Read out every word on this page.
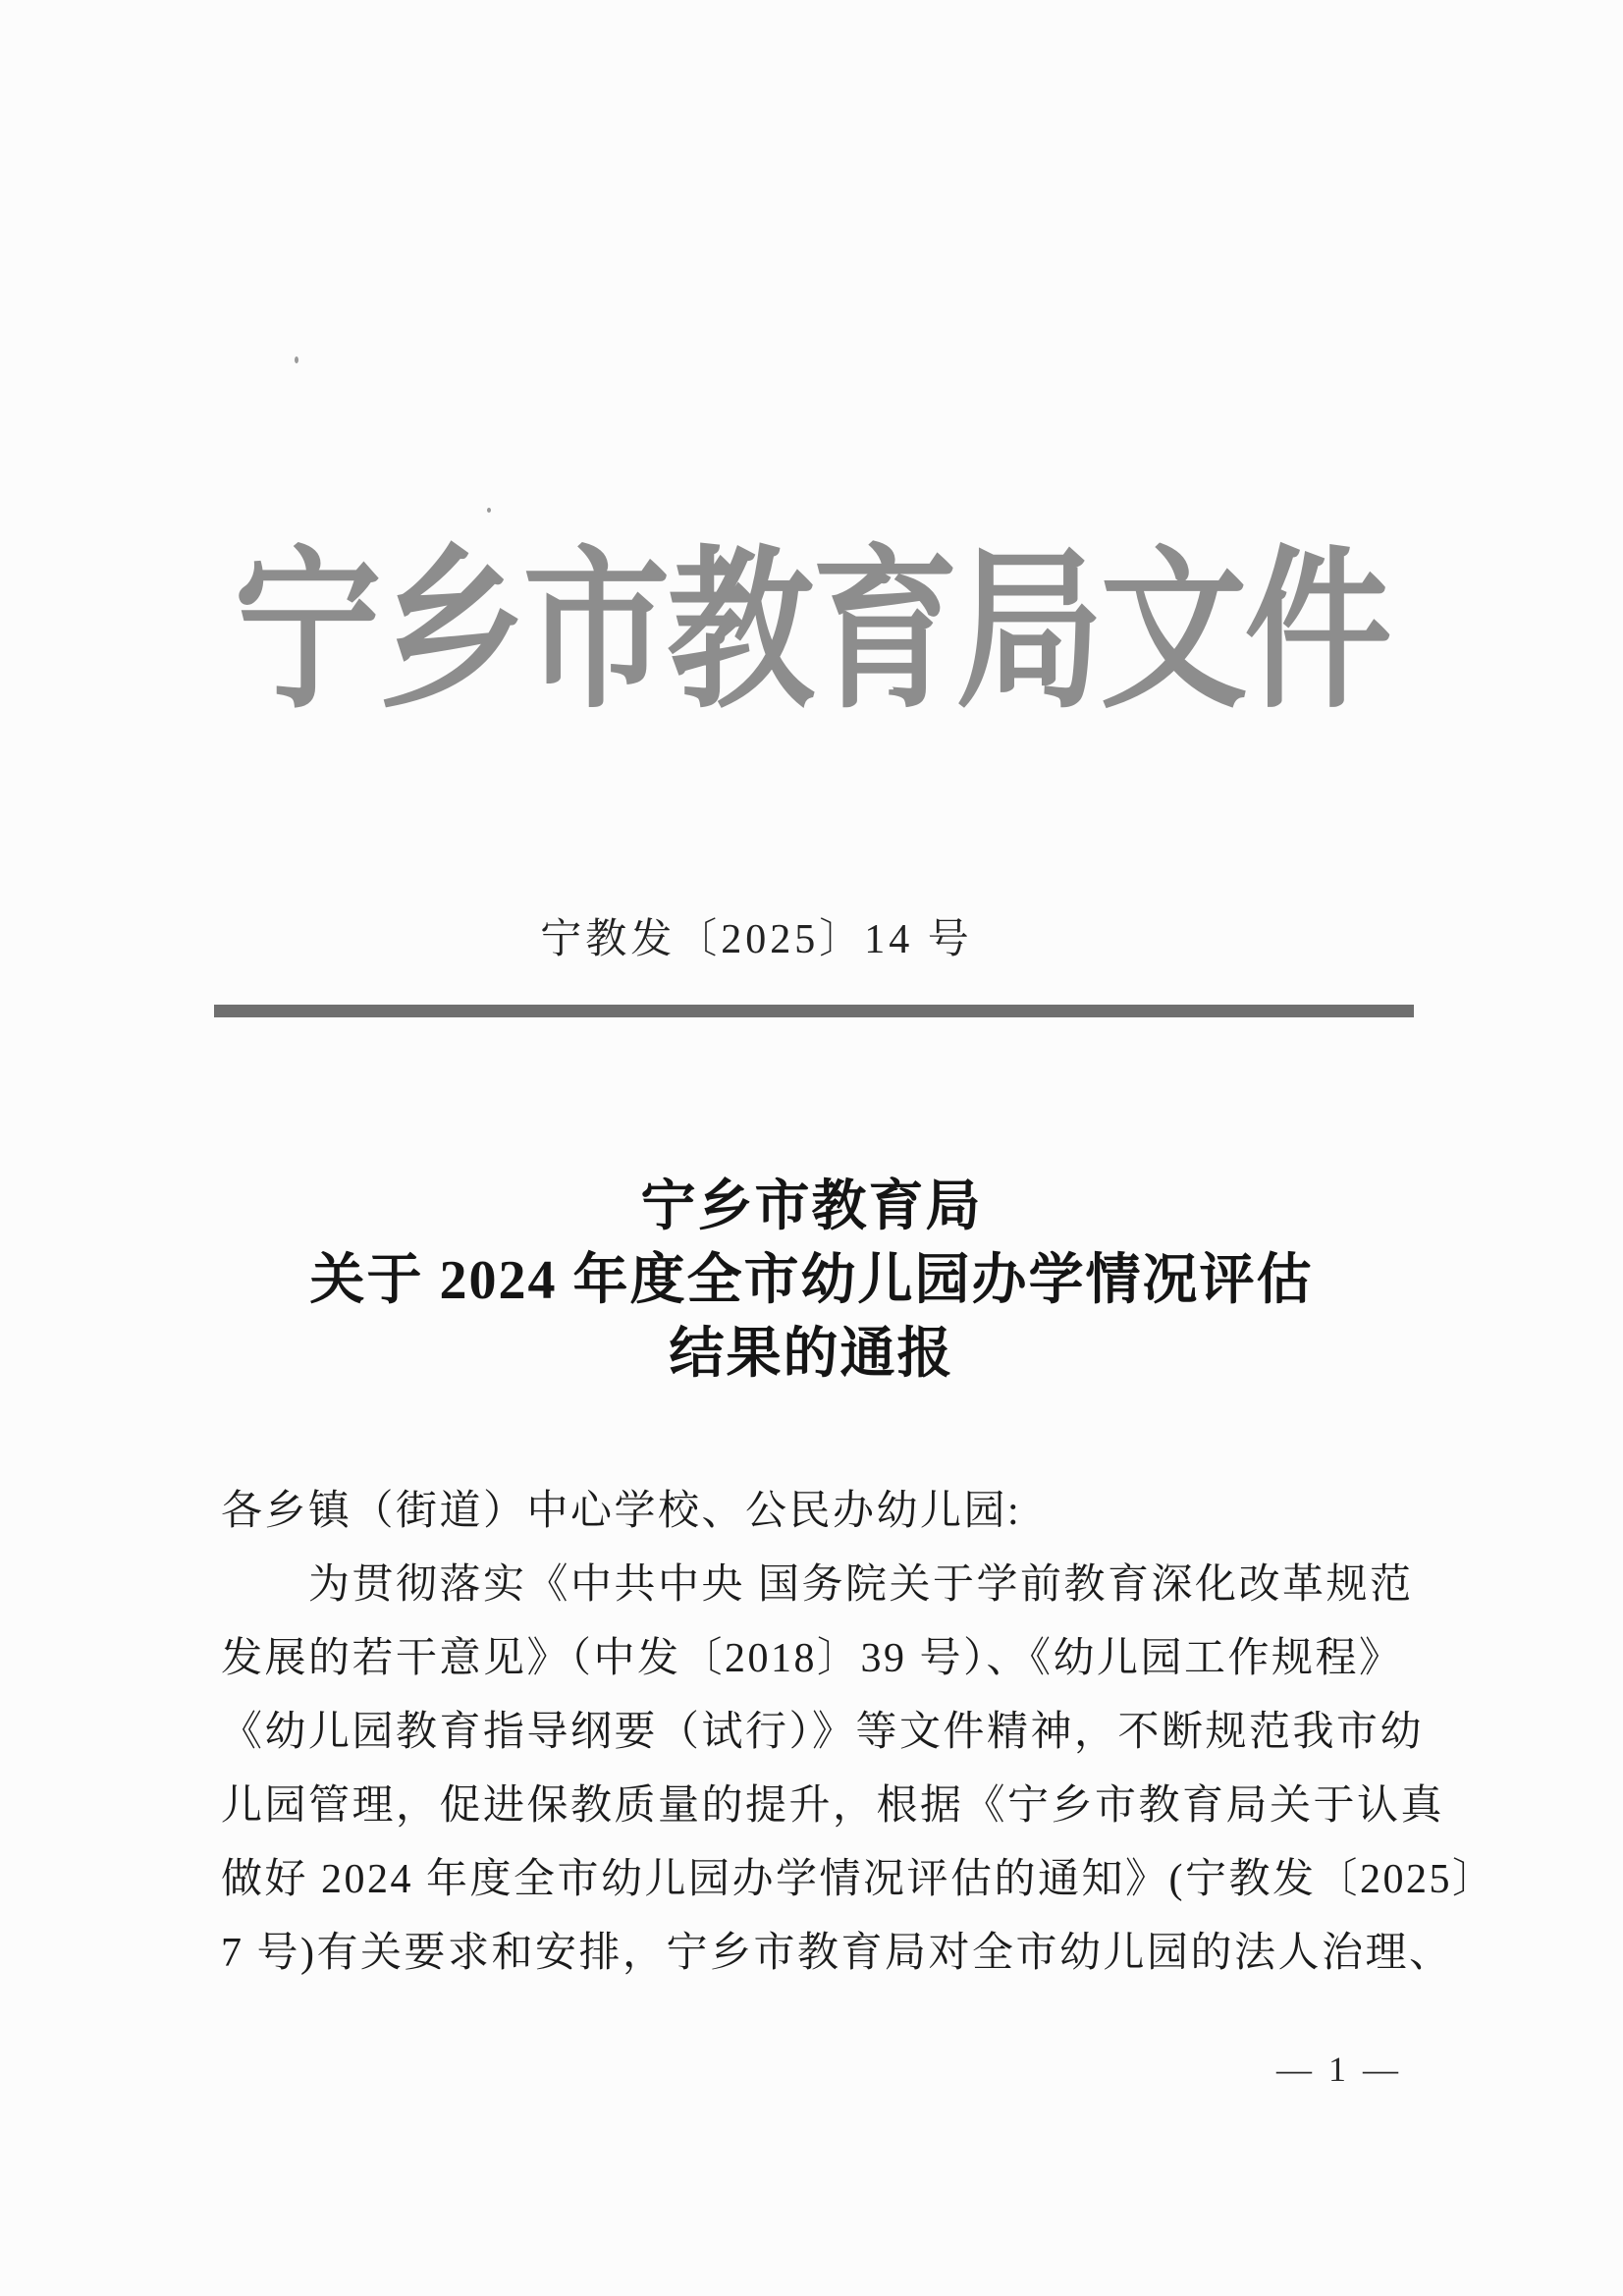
宁乡市教育局文件
宁教发〔2025〕14 号
宁乡市教育局
关于 2024 年度全市幼儿园办学情况评估
结果的通报
各乡镇（街道）中心学校、公民办幼儿园:
为贯彻落实《中共中央 国务院关于学前教育深化改革规范
发展的若干意见》（中发〔2018〕39 号）、《幼儿园工作规程》
《幼儿园教育指导纲要（试行）》等文件精神，不断规范我市幼
儿园管理，促进保教质量的提升，根据《宁乡市教育局关于认真
做好 2024 年度全市幼儿园办学情况评估的通知》(宁教发〔2025〕
7 号)有关要求和安排，宁乡市教育局对全市幼儿园的法人治理、
— 1 —
